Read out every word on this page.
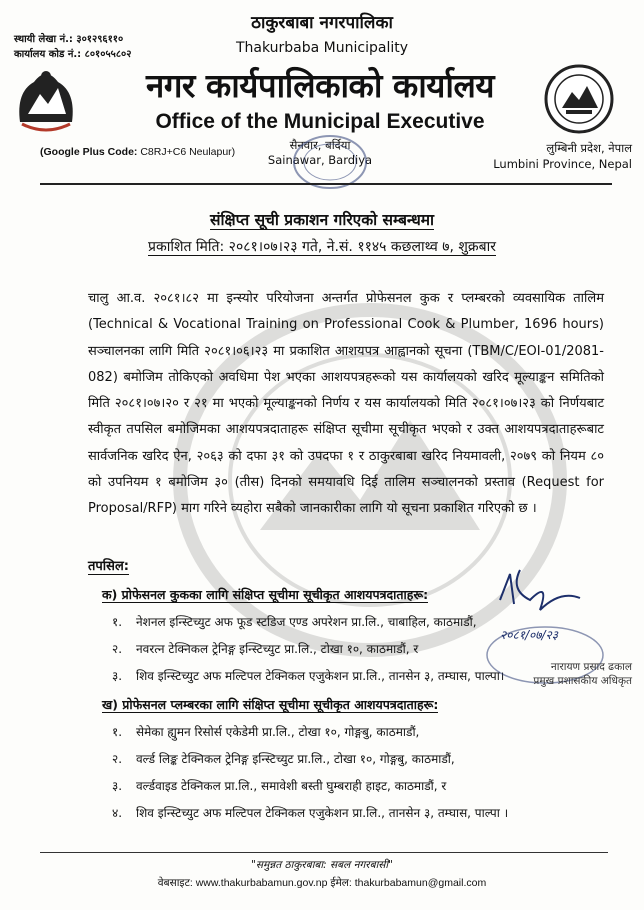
स्थायी लेखा नं.: ३०१२९६११०
कार्यालय कोड नं.: ८०१०५५८०२
ठाकुरबाबा नगरपालिका
Thakurbaba Municipality
नगर कार्यपालिकाको कार्यालय
Office of the Municipal Executive
(Google Plus Code: C8RJ+C6 Neulapur)	सैनवार, बर्दिया
Sainawar, Bardiya
लुम्बिनी प्रदेश, नेपाल
Lumbini Province, Nepal
संक्षिप्त सूची प्रकाशन गरिएको सम्बन्धमा
प्रकाशित मिति: २०८१।०७।२३ गते, ने.सं. ११४५ कछलाथ्व ७, शुक्रबार
चालु आ.व. २०८१।८२ मा इन्स्योर परियोजना अन्तर्गत प्रोफेसनल कुक र प्लम्बरको व्यवसायिक तालिम (Technical & Vocational Training on Professional Cook & Plumber, 1696 hours) सञ्चालनका लागि मिति २०८१।०६।२३ मा प्रकाशित आशयपत्र आह्वानको सूचना (TBM/C/EOI-01/2081-082) बमोजिम तोकिएको अवधिमा पेश भएका आशयपत्रहरूको यस कार्यालयको खरिद मूल्याङ्कन समितिको मिति २०८१।०७।२० र २१ मा भएको मूल्याङ्कनको निर्णय र यस कार्यालयको मिति २०८१।०७।२३ को निर्णयबाट स्वीकृत तपसिल बमोजिमका आशयपत्रदाताहरू संक्षिप्त सूचीमा सूचीकृत भएको र उक्त आशयपत्रदाताहरूबाट सार्वजनिक खरिद ऐन, २०६३ को दफा ३१ को उपदफा १ र ठाकुरबाबा खरिद नियमावली, २०७९ को नियम ८० को उपनियम १ बमोजिम ३० (तीस) दिनको समयावधि दिई तालिम सञ्चालनको प्रस्ताव (Request for Proposal/RFP) माग गरिने व्यहोरा सबैको जानकारीका लागि यो सूचना प्रकाशित गरिएको छ ।
तपसिल:
क) प्रोफेसनल कुकका लागि संक्षिप्त सूचीमा सूचीकृत आशयपत्रदाताहरू:
१. नेशनल इन्स्टिच्युट अफ फूड स्टडिज एण्ड अपरेशन प्रा.लि., चाबाहिल, काठमाडौं,
२. नवरत्न टेक्निकल ट्रेनिङ्ग इन्स्टिच्युट प्रा.लि., टोखा १०, काठमाडौं, र
३. शिव इन्स्टिच्युट अफ मल्टिपल टेक्निकल एजुकेशन प्रा.लि., तानसेन ३, तम्घास, पाल्पा।
ख) प्रोफेसनल प्लम्बरका लागि संक्षिप्त सूचीमा सूचीकृत आशयपत्रदाताहरू:
१. सेमेका ह्युमन रिसोर्स एकेडेमी प्रा.लि., टोखा १०, गोङ्गबु, काठमाडौं,
२. वर्ल्ड लिङ्क टेक्निकल ट्रेनिङ्ग इन्स्टिच्युट प्रा.लि., टोखा १०, गोङ्गबु, काठमाडौं,
३. वर्ल्डवाइड टेक्निकल प्रा.लि., समावेशी बस्ती घुम्बराही हाइट, काठमाडौं, र
४. शिव इन्स्टिच्युट अफ मल्टिपल टेक्निकल एजुकेशन प्रा.लि., तानसेन ३, तम्घास, पाल्पा ।
२०८१/०७/२३
नारायण प्रसाद ढकाल
प्रमुख प्रशासकीय अधिकृत
"समुन्नत ठाकुरबाबा: सबल नगरबासी"
वेबसाइट: www.thakurbabamun.gov.np ईमेल: thakurbabamun@gmail.com
